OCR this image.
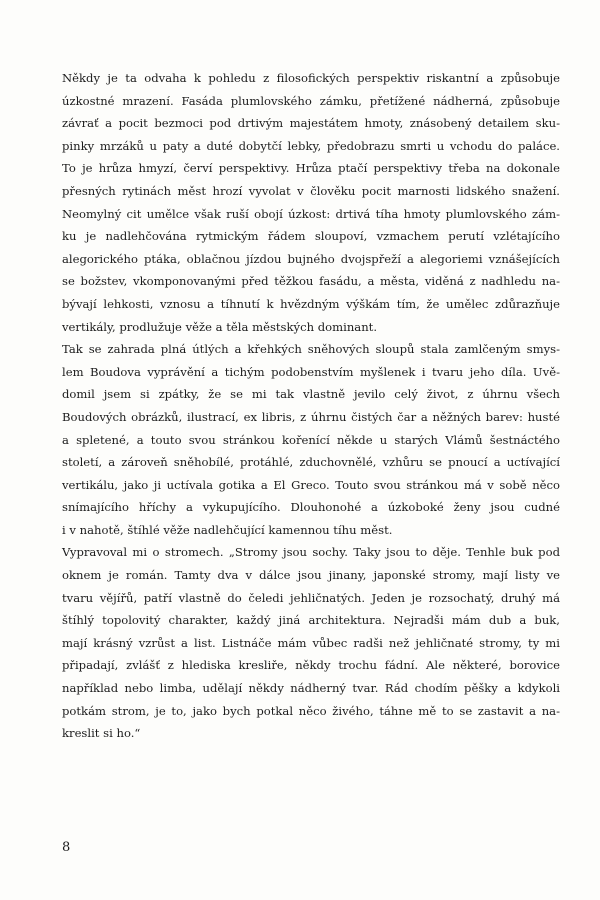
Někdy je ta odvaha k pohledu z filosofických perspektiv riskantní a způsobuje
úzkostné mrazení. Fasáda plumlovského zámku, přetížené nádherná, způsobuje
závrať a pocit bezmoci pod drtivým majestátem hmoty, znásobený detailem sku-
pinky mrzáků u paty a duté dobytčí lebky, předobrazu smrti u vchodu do paláce.
To je hrůza hmyzí, červí perspektivy. Hrůza ptačí perspektivy třeba na dokonale
přesných rytinách měst hrozí vyvolat v člověku pocit marnosti lidského snažení.
Neomylný cit umělce však ruší obojí úzkost: drtivá tíha hmoty plumlovského zám-
ku je nadlehčována rytmickým řádem sloupoví, vzmachem perutí vzlétajícího
alegorického ptáka, oblačnou jízdou bujného dvojspřeží a alegoriemi vznášejících
se božstev, vkomponovanými před těžkou fasádu, a města, viděná z nadhledu na-
bývají lehkosti, vznosu a tíhnutí k hvězdným výškám tím, že umělec zdůrazňuje
vertikály, prodlužuje věže a těla městských dominant.
Tak se zahrada plná útlých a křehkých sněhových sloupů stala zamlčeným smys-
lem Boudova vyprávění a tichým podobenstvím myšlenek i tvaru jeho díla. Uvě-
domil jsem si zpátky, že se mi tak vlastně jevilo celý život, z úhrnu všech
Boudových obrázků, ilustrací, ex libris, z úhrnu čistých čar a něžných barev: husté
a spletené, a touto svou stránkou kořenící někde u starých Vlámů šestnáctého
století, a zároveň sněhobílé, protáhlé, zduchovnělé, vzhůru se pnoucí a uctívající
vertikálu, jako ji uctívala gotika a El Greco. Touto svou stránkou má v sobě něco
snímajícího hříchy a vykupujícího. Dlouhonohé a úzkoboké ženy jsou cudné
i v nahotě, štíhlé věže nadlehčující kamennou tíhu měst.
Vypravoval mi o stromech. „Stromy jsou sochy. Taky jsou to děje. Tenhle buk pod
oknem je román. Tamty dva v dálce jsou jinany, japonské stromy, mají listy ve
tvaru vějířů, patří vlastně do čeledi jehličnatých. Jeden je rozsochatý, druhý má
štíhlý topolovitý charakter, každý jiná architektura. Nejradši mám dub a buk,
mají krásný vzrůst a list. Listnáče mám vůbec radši než jehličnaté stromy, ty mi
připadají, zvlášť z hlediska kresliře, někdy trochu fádní. Ale některé, borovice
například nebo limba, udělají někdy nádherný tvar. Rád chodím pěšky a kdykoli
potkám strom, je to, jako bych potkal něco živého, táhne mě to se zastavit a na-
kreslit si ho.“
8
